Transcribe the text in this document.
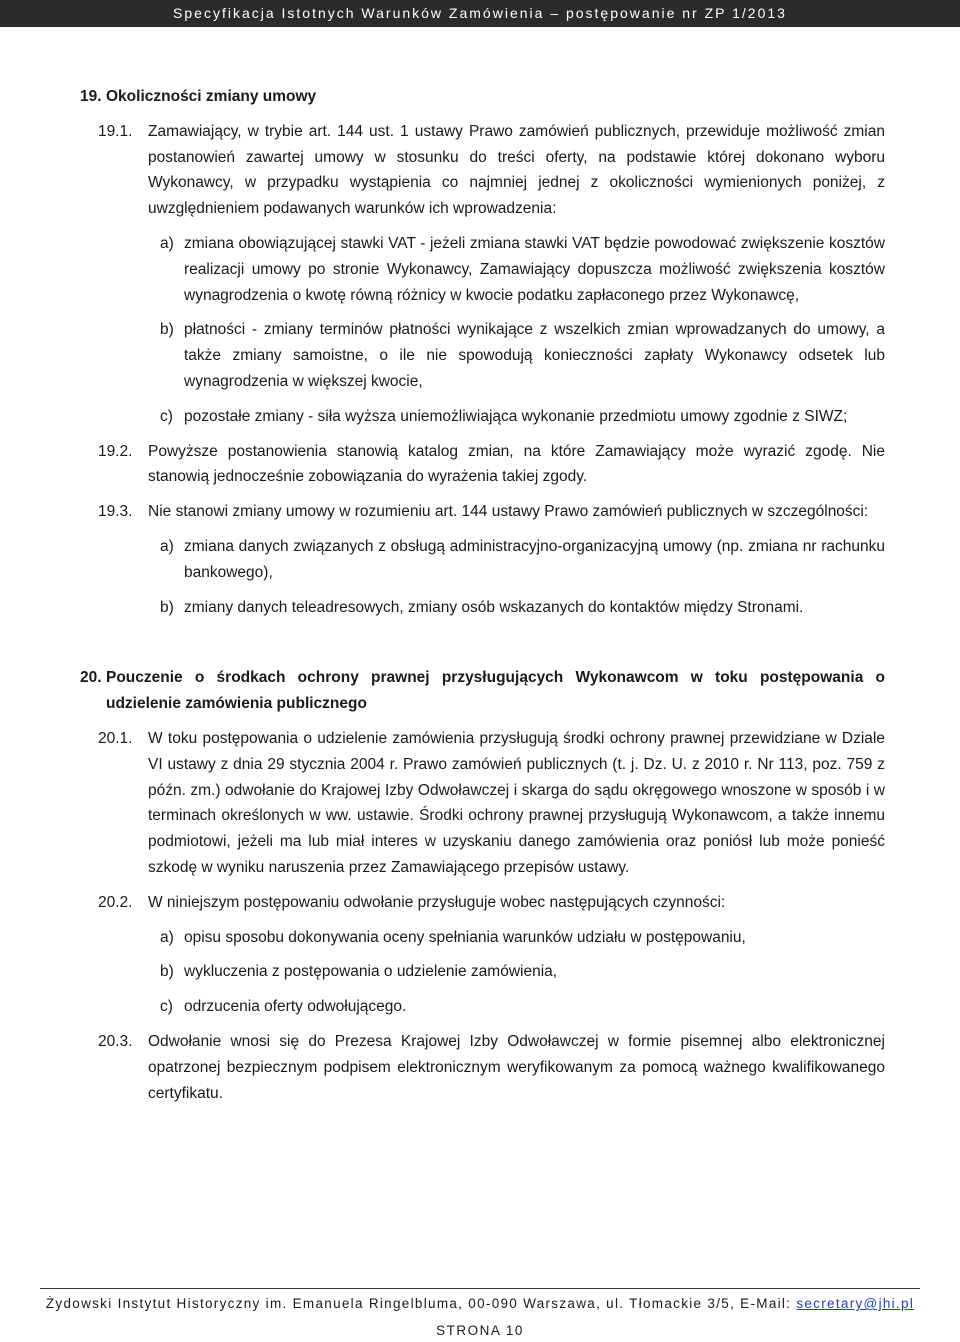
Specyfikacja Istotnych Warunków Zamówienia – postępowanie nr ZP 1/2013
19. Okoliczności zmiany umowy
19.1.	Zamawiający, w trybie art. 144 ust. 1 ustawy Prawo zamówień publicznych, przewiduje możliwość zmian postanowień zawartej umowy w stosunku do treści oferty, na podstawie której dokonano wyboru Wykonawcy, w przypadku wystąpienia co najmniej jednej z okoliczności wymienionych poniżej, z uwzględnieniem podawanych warunków ich wprowadzenia:
a) zmiana obowiązującej stawki VAT - jeżeli zmiana stawki VAT będzie powodować zwiększenie kosztów realizacji umowy po stronie Wykonawcy, Zamawiający dopuszcza możliwość zwiększenia kosztów wynagrodzenia o kwotę równą różnicy w kwocie podatku zapłaconego przez Wykonawcę,
b) płatności - zmiany terminów płatności wynikające z wszelkich zmian wprowadzanych do umowy, a także zmiany samoistne, o ile nie spowodują konieczności zapłaty Wykonawcy odsetek lub wynagrodzenia w większej kwocie,
c) pozostałe zmiany - siła wyższa uniemożliwiająca wykonanie przedmiotu umowy zgodnie z SIWZ;
19.2.	Powyższe postanowienia stanowią katalog zmian, na które Zamawiający może wyrazić zgodę. Nie stanowią jednocześnie zobowiązania do wyrażenia takiej zgody.
19.3.	Nie stanowi zmiany umowy w rozumieniu art. 144 ustawy Prawo zamówień publicznych w szczególności:
a) zmiana danych związanych z obsługą administracyjno-organizacyjną umowy (np. zmiana nr rachunku bankowego),
b) zmiany danych teleadresowych, zmiany osób wskazanych do kontaktów między Stronami.
20. Pouczenie o środkach ochrony prawnej przysługujących Wykonawcom w toku postępowania o udzielenie zamówienia publicznego
20.1.	W toku postępowania o udzielenie zamówienia przysługują środki ochrony prawnej przewidziane w Dziale VI ustawy z dnia 29 stycznia 2004 r. Prawo zamówień publicznych (t. j. Dz. U. z 2010 r. Nr 113, poz. 759 z późn. zm.) odwołanie do Krajowej Izby Odwoławczej i skarga do sądu okręgowego wnoszone w sposób i w terminach określonych w ww. ustawie. Środki ochrony prawnej przysługują Wykonawcom, a także innemu podmiotowi, jeżeli ma lub miał interes w uzyskaniu danego zamówienia oraz poniósł lub może ponieść szkodę w wyniku naruszenia przez Zamawiającego przepisów ustawy.
20.2.	W niniejszym postępowaniu odwołanie przysługuje wobec następujących czynności:
a) opisu sposobu dokonywania oceny spełniania warunków udziału w postępowaniu,
b) wykluczenia z postępowania o udzielenie zamówienia,
c) odrzucenia oferty odwołującego.
20.3.	Odwołanie wnosi się do Prezesa Krajowej Izby Odwoławczej w formie pisemnej albo elektronicznej opatrzonej bezpiecznym podpisem elektronicznym weryfikowanym za pomocą ważnego kwalifikowanego certyfikatu.
Żydowski Instytut Historyczny im. Emanuela Ringelbluma, 00-090 Warszawa, ul. Tłomackie 3/5, E-Mail: secretary@jhi.pl
STRONA 10
